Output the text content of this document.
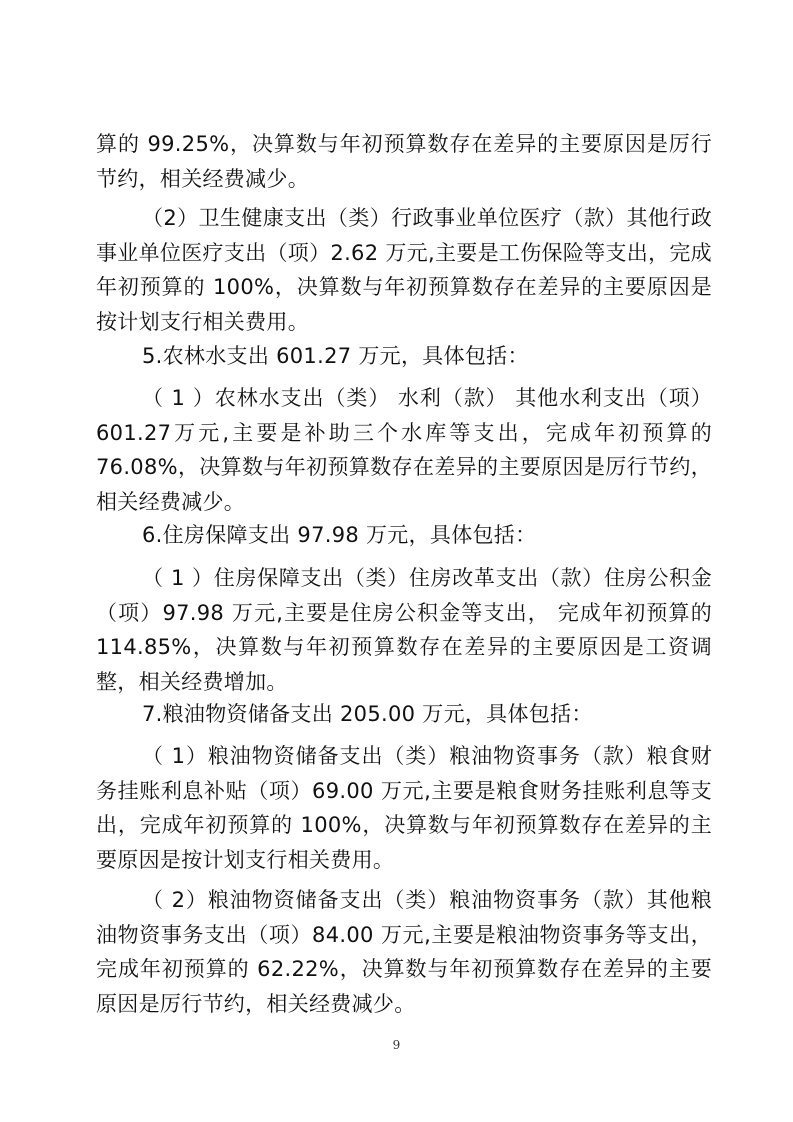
算的 99.25%，决算数与年初预算数存在差异的主要原因是厉行节约，相关经费减少。

（2）卫生健康支出（类）行政事业单位医疗（款）其他行政事业单位医疗支出（项）2.62 万元,主要是工伤保险等支出，完成年初预算的 100%，决算数与年初预算数存在差异的主要原因是按计划支行相关费用。

5.农林水支出 601.27 万元，具体包括：

（ 1 ）农林水支出（类） 水利（款） 其他水利支出（项）601.27万元,主要是补助三个水库等支出，完成年初预算的 76.08%，决算数与年初预算数存在差异的主要原因是厉行节约，相关经费减少。

6.住房保障支出 97.98 万元，具体包括：

（ 1 ）住房保障支出（类）住房改革支出（款）住房公积金（项）97.98 万元,主要是住房公积金等支出， 完成年初预算的 114.85%，决算数与年初预算数存在差异的主要原因是工资调整，相关经费增加。

7.粮油物资储备支出 205.00 万元，具体包括：

（ 1）粮油物资储备支出（类）粮油物资事务（款）粮食财务挂账利息补贴（项）69.00 万元,主要是粮食财务挂账利息等支出，完成年初预算的 100%，决算数与年初预算数存在差异的主要原因是按计划支行相关费用。

（ 2）粮油物资储备支出（类）粮油物资事务（款）其他粮油物资事务支出（项）84.00 万元,主要是粮油物资事务等支出， 完成年初预算的 62.22%，决算数与年初预算数存在差异的主要原因是厉行节约，相关经费减少。

9
